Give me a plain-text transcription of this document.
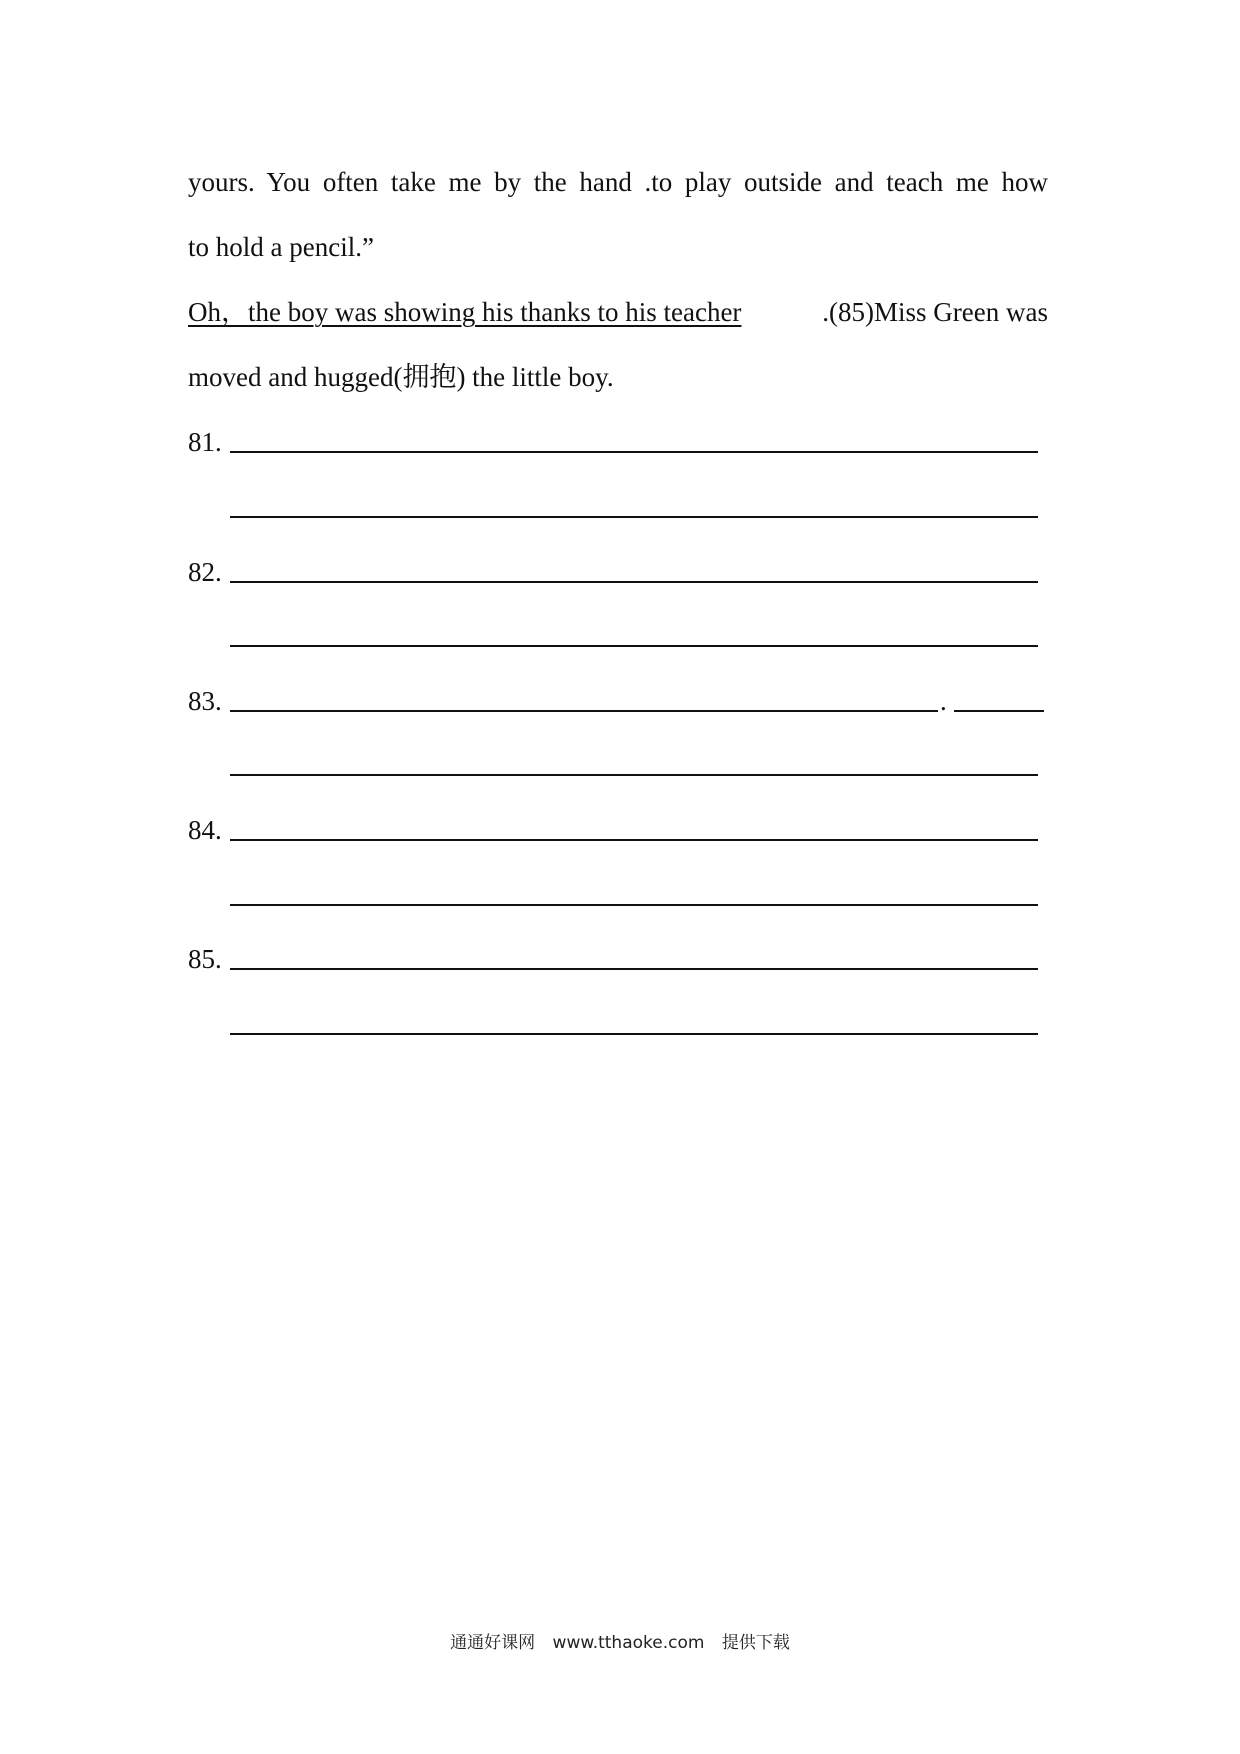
yours. You often take me by the hand .to play outside and teach me how
to hold a pencil.”
Oh，the boy was showing his thanks to his teacher	.(85)Miss Green was
moved and hugged(拥抱) the little boy.
81.
82.
83.	.
84.
85.
通通好课网 www.tthaoke.com 提供下载
